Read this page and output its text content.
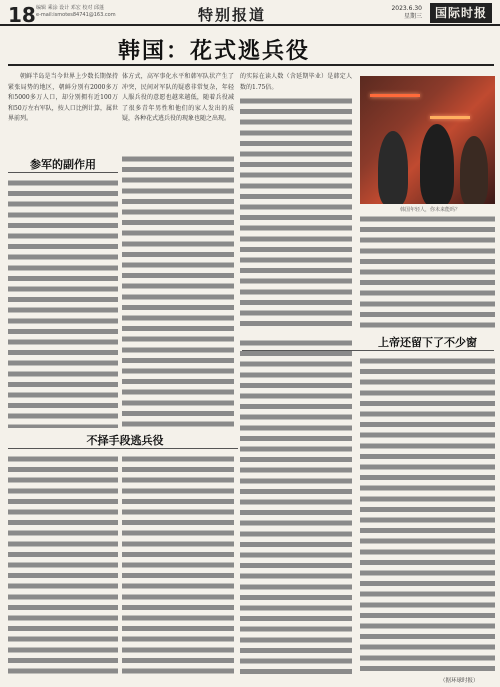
18 编辑 乘涂 设计 邓宏 校对 邱蓬
e-mail:ismotes84741@163.com	特别报道	2023.6.30
星期三	国际时报
韩国：花式逃兵役

朝鲜半岛是当今世界上少数长期保持紧张局势的地区，朝鲜分别有2000多万和5000多万人口，却分别拥有近100万和50万左右军队，按人口比例计算，属世界前列。

参军的副作用
不择手段逃兵役

体方式，高军事化水平和韩军队状产生了冲突，民间对军队的疑惑非常复杂，年轻人服兵役的意愿也越来越低，随着兵役减了很多青年男性和他们的家人发出的质疑，各种花式逃兵役的现象也随之出现。

的实际在读人数（含延期毕业）是韩定人数的1.75倍。

韩国年轻人，你未来能吗？
上帝还留下了不少窗
（据环球时报）
